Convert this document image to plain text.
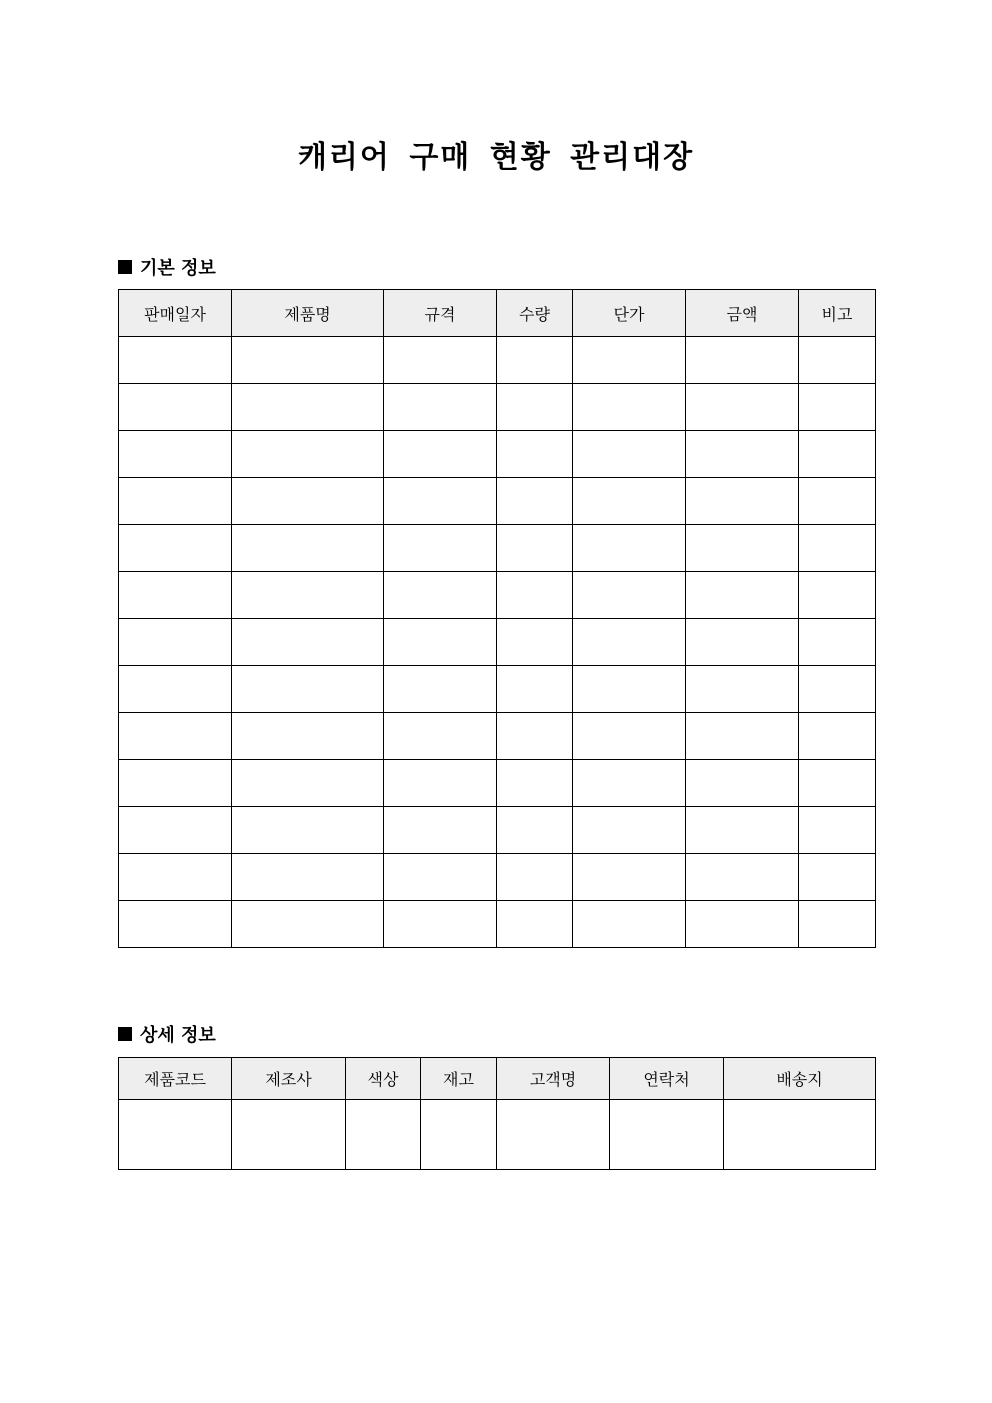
캐리어 구매 현황 관리대장
기본 정보
판매일자	제품명	규격	수량	단가	금액	비고

상세 정보
제품코드	제조사	색상	재고	고객명	연락처	배송지
